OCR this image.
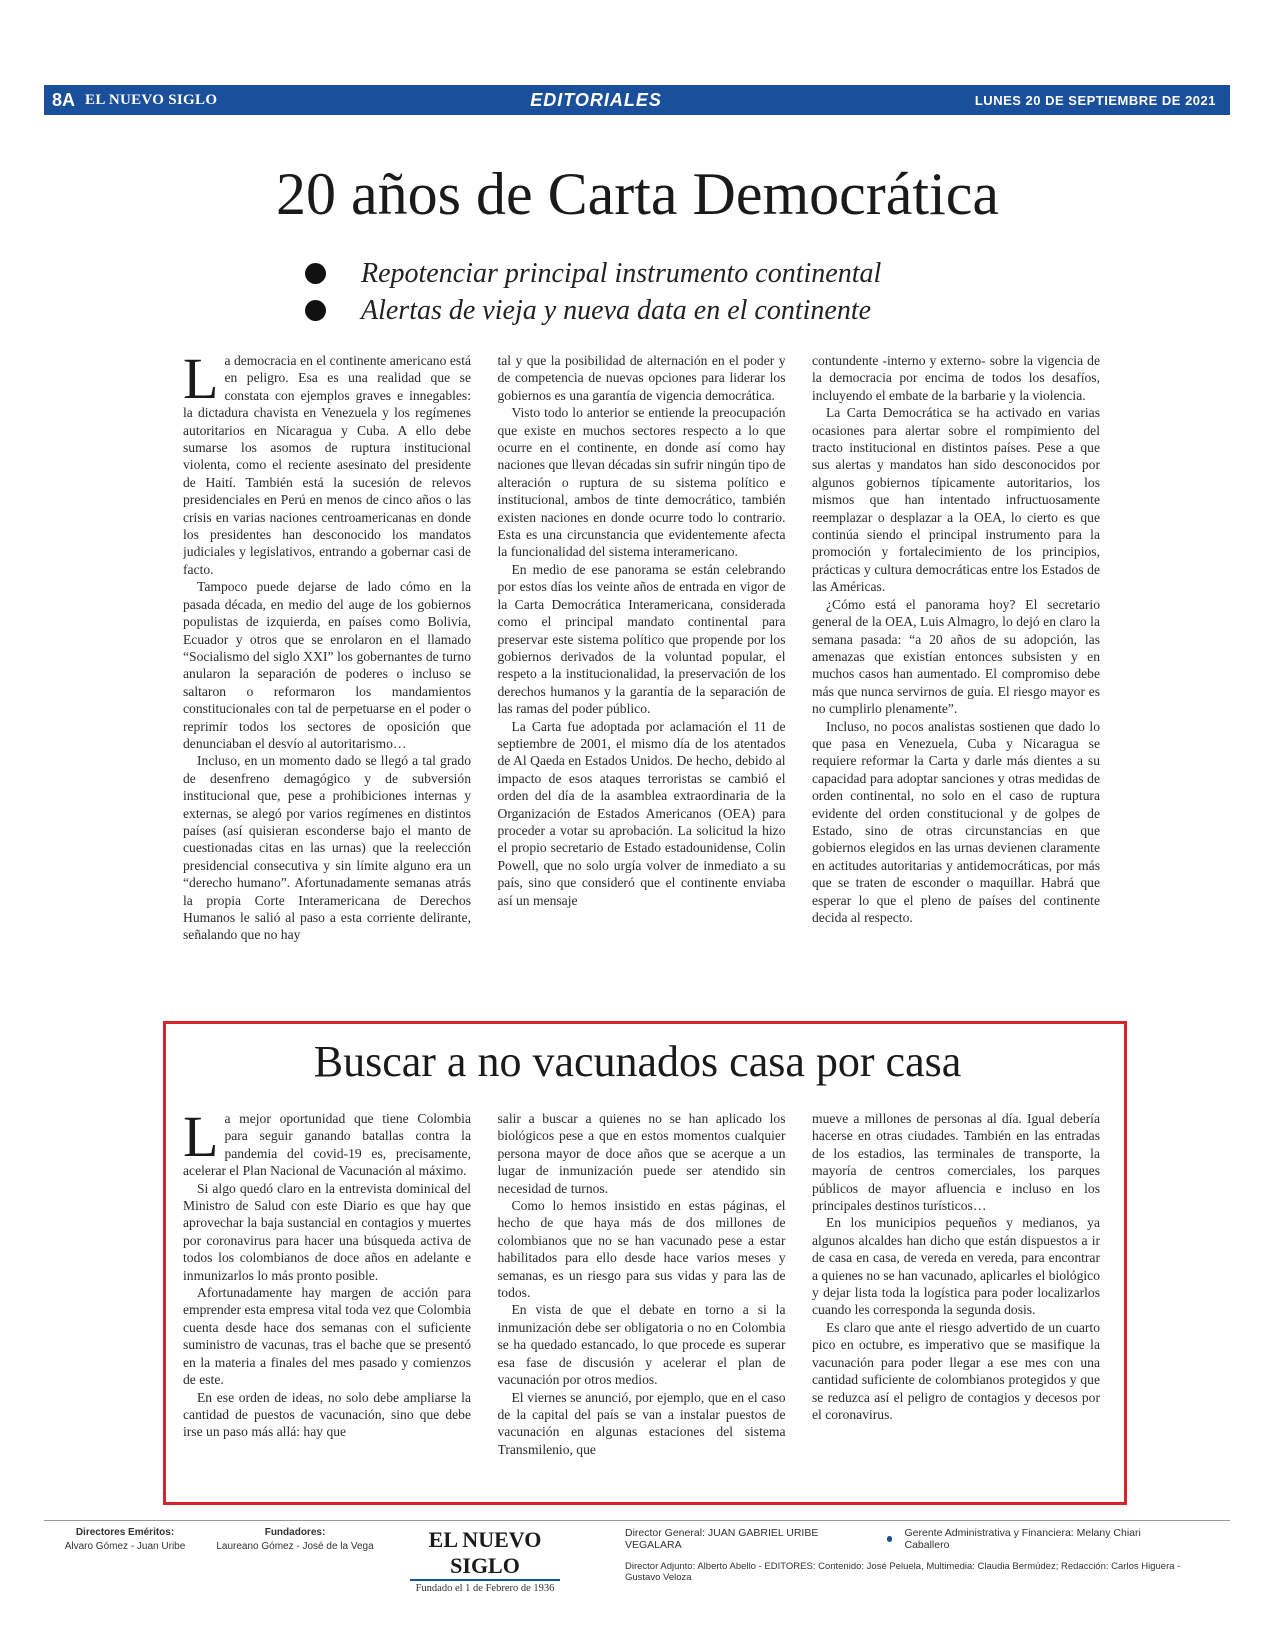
8A EL NUEVO SIGLO	EDITORIALES	LUNES 20 DE SEPTIEMBRE DE 2021
20 años de Carta Democrática
Repotenciar principal instrumento continental
Alertas de vieja y nueva data en el continente

La democracia en el continente americano está en peligro. Esa es una realidad que se constata con ejemplos graves e innegables: la dictadura chavista en Venezuela y los regímenes autoritarios en Nicaragua y Cuba. A ello debe sumarse los asomos de ruptura institucional violenta, como el reciente asesinato del presidente de Haití. También está la sucesión de relevos presidenciales en Perú en menos de cinco años o las crisis en varias naciones centroamericanas en donde los presidentes han desconocido los mandatos judiciales y legislativos, entrando a gobernar casi de facto.

Tampoco puede dejarse de lado cómo en la pasada década, en medio del auge de los gobiernos populistas de izquierda, en países como Bolivia, Ecuador y otros que se enrolaron en el llamado “Socialismo del siglo XXI” los gobernantes de turno anularon la separación de poderes o incluso se saltaron o reformaron los mandamientos constitucionales con tal de perpetuarse en el poder o reprimir todos los sectores de oposición que denunciaban el desvío al autoritarismo…

Incluso, en un momento dado se llegó a tal grado de desenfreno demagógico y de subversión institucional que, pese a prohibiciones internas y externas, se alegó por varios regímenes en distintos países (así quisieran esconderse bajo el manto de cuestionadas citas en las urnas) que la reelección presidencial consecutiva y sin límite alguno era un “derecho humano”. Afortunadamente semanas atrás la propia Corte Interamericana de Derechos Humanos le salió al paso a esta corriente delirante, señalando que no hay

tal y que la posibilidad de alternación en el poder y de competencia de nuevas opciones para liderar los gobiernos es una garantía de vigencia democrática.

Visto todo lo anterior se entiende la preocupación que existe en muchos sectores respecto a lo que ocurre en el continente, en donde así como hay naciones que llevan décadas sin sufrir ningún tipo de alteración o ruptura de su sistema político e institucional, ambos de tinte democrático, también existen naciones en donde ocurre todo lo contrario. Esta es una circunstancia que evidentemente afecta la funcionalidad del sistema interamericano.

En medio de ese panorama se están celebrando por estos días los veinte años de entrada en vigor de la Carta Democrática Interamericana, considerada como el principal mandato continental para preservar este sistema político que propende por los gobiernos derivados de la voluntad popular, el respeto a la institucionalidad, la preservación de los derechos humanos y la garantía de la separación de las ramas del poder público.

La Carta fue adoptada por aclamación el 11 de septiembre de 2001, el mismo día de los atentados de Al Qaeda en Estados Unidos. De hecho, debido al impacto de esos ataques terroristas se cambió el orden del día de la asamblea extraordinaria de la Organización de Estados Americanos (OEA) para proceder a votar su aprobación. La solicitud la hizo el propio secretario de Estado estadounidense, Colin Powell, que no solo urgía volver de inmediato a su país, sino que consideró que el continente enviaba así un mensaje

contundente -interno y externo- sobre la vigencia de la democracia por encima de todos los desafíos, incluyendo el embate de la barbarie y la violencia.

La Carta Democrática se ha activado en varias ocasiones para alertar sobre el rompimiento del tracto institucional en distintos países. Pese a que sus alertas y mandatos han sido desconocidos por algunos gobiernos típicamente autoritarios, los mismos que han intentado infructuosamente reemplazar o desplazar a la OEA, lo cierto es que continúa siendo el principal instrumento para la promoción y fortalecimiento de los principios, prácticas y cultura democráticas entre los Estados de las Américas.

¿Cómo está el panorama hoy? El secretario general de la OEA, Luis Almagro, lo dejó en claro la semana pasada: “a 20 años de su adopción, las amenazas que existían entonces subsisten y en muchos casos han aumentado. El compromiso debe más que nunca servirnos de guía. El riesgo mayor es no cumplirlo plenamente”.

Incluso, no pocos analistas sostienen que dado lo que pasa en Venezuela, Cuba y Nicaragua se requiere reformar la Carta y darle más dientes a su capacidad para adoptar sanciones y otras medidas de orden continental, no solo en el caso de ruptura evidente del orden constitucional y de golpes de Estado, sino de otras circunstancias en que gobiernos elegidos en las urnas devienen claramente en actitudes autoritarias y antidemocráticas, por más que se traten de esconder o maquillar. Habrá que esperar lo que el pleno de países del continente decida al respecto.

Buscar a no vacunados casa por casa

La mejor oportunidad que tiene Colombia para seguir ganando batallas contra la pandemia del covid-19 es, precisamente, acelerar el Plan Nacional de Vacunación al máximo.

Si algo quedó claro en la entrevista dominical del Ministro de Salud con este Diario es que hay que aprovechar la baja sustancial en contagios y muertes por coronavirus para hacer una búsqueda activa de todos los colombianos de doce años en adelante e inmunizarlos lo más pronto posible.

Afortunadamente hay margen de acción para emprender esta empresa vital toda vez que Colombia cuenta desde hace dos semanas con el suficiente suministro de vacunas, tras el bache que se presentó en la materia a finales del mes pasado y comienzos de este.

En ese orden de ideas, no solo debe ampliarse la cantidad de puestos de vacunación, sino que debe irse un paso más allá: hay que

salir a buscar a quienes no se han aplicado los biológicos pese a que en estos momentos cualquier persona mayor de doce años que se acerque a un lugar de inmunización puede ser atendido sin necesidad de turnos.

Como lo hemos insistido en estas páginas, el hecho de que haya más de dos millones de colombianos que no se han vacunado pese a estar habilitados para ello desde hace varios meses y semanas, es un riesgo para sus vidas y para las de todos.

En vista de que el debate en torno a si la inmunización debe ser obligatoria o no en Colombia se ha quedado estancado, lo que procede es superar esa fase de discusión y acelerar el plan de vacunación por otros medios.

El viernes se anunció, por ejemplo, que en el caso de la capital del país se van a instalar puestos de vacunación en algunas estaciones del sistema Transmilenio, que

mueve a millones de personas al día. Igual debería hacerse en otras ciudades. También en las entradas de los estadios, las terminales de transporte, la mayoría de centros comerciales, los parques públicos de mayor afluencia e incluso en los principales destinos turísticos…

En los municipios pequeños y medianos, ya algunos alcaldes han dicho que están dispuestos a ir de casa en casa, de vereda en vereda, para encontrar a quienes no se han vacunado, aplicarles el biológico y dejar lista toda la logística para poder localizarlos cuando les corresponda la segunda dosis.

Es claro que ante el riesgo advertido de un cuarto pico en octubre, es imperativo que se masifique la vacunación para poder llegar a ese mes con una cantidad suficiente de colombianos protegidos y que se reduzca así el peligro de contagios y decesos por el coronavirus.

Directores Eméritos:
Alvaro Gómez - Juan Uribe
Fundadores:
Laureano Gómez - José de la Vega	EL NUEVO SIGLO
Fundado el 1 de Febrero de 1936
Director General: JUAN GABRIEL URIBE VEGALARA
Gerente Administrativa y Financiera: Melany Chiari Caballero
Director Adjunto: Alberto Abello - EDITORES: Contenido: José Peluela, Multimedia: Claudia Bermúdez; Redacción: Carlos Higuera - Gustavo Veloza
